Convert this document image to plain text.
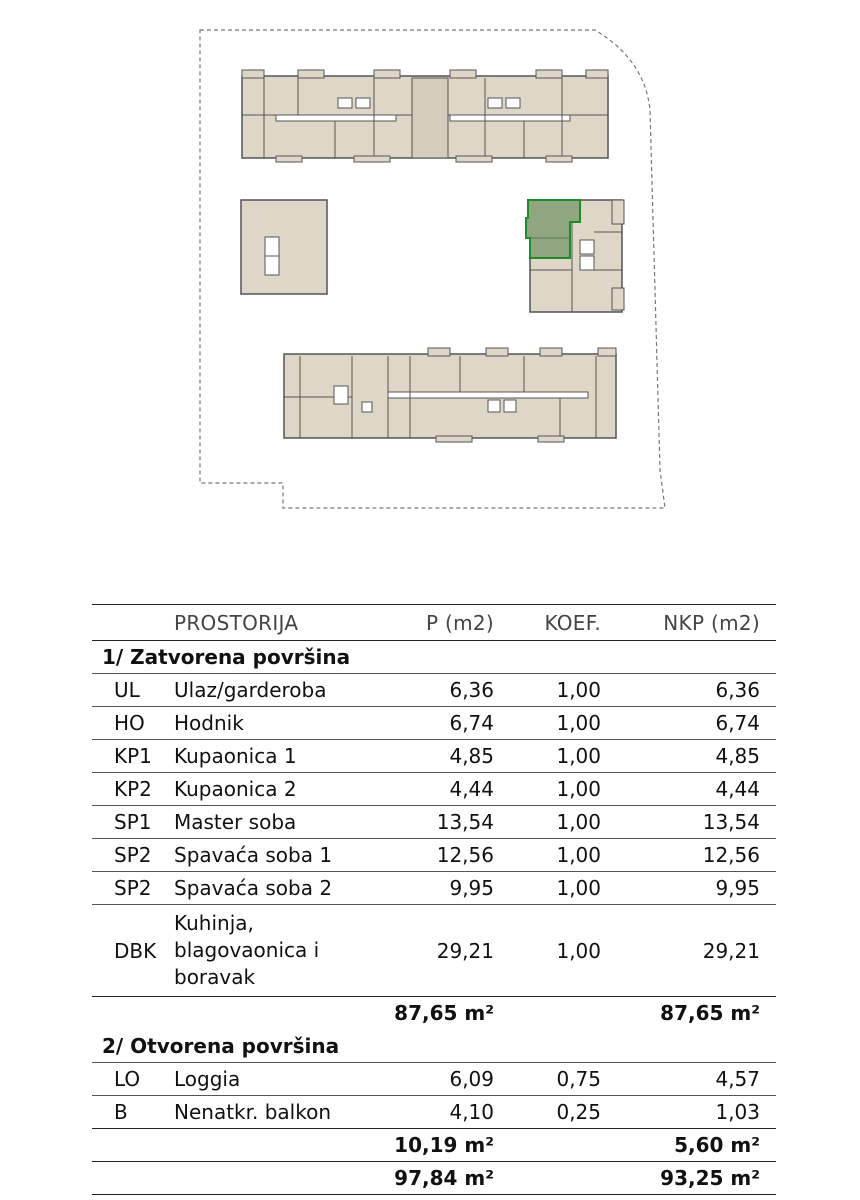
	PROSTORIJA	P (m2)	KOEF.	NKP (m2)
1/ Zatvorena površina				
UL	Ulaz/garderoba	6,36	1,00	6,36
HO	Hodnik	6,74	1,00	6,74
KP1	Kupaonica 1	4,85	1,00	4,85
KP2	Kupaonica 2	4,44	1,00	4,44
SP1	Master soba	13,54	1,00	13,54
SP2	Spavaća soba 1	12,56	1,00	12,56
SP2	Spavaća soba 2	9,95	1,00	9,95
DBK	Kuhinja, blagovaonica i boravak	29,21	1,00	29,21
		87,65 m²		87,65 m²
2/ Otvorena površina				
LO	Loggia	6,09	0,75	4,57
B	Nenatkr. balkon	4,10	0,25	1,03
		10,19 m²		5,60 m²
		97,84 m²		93,25 m²
